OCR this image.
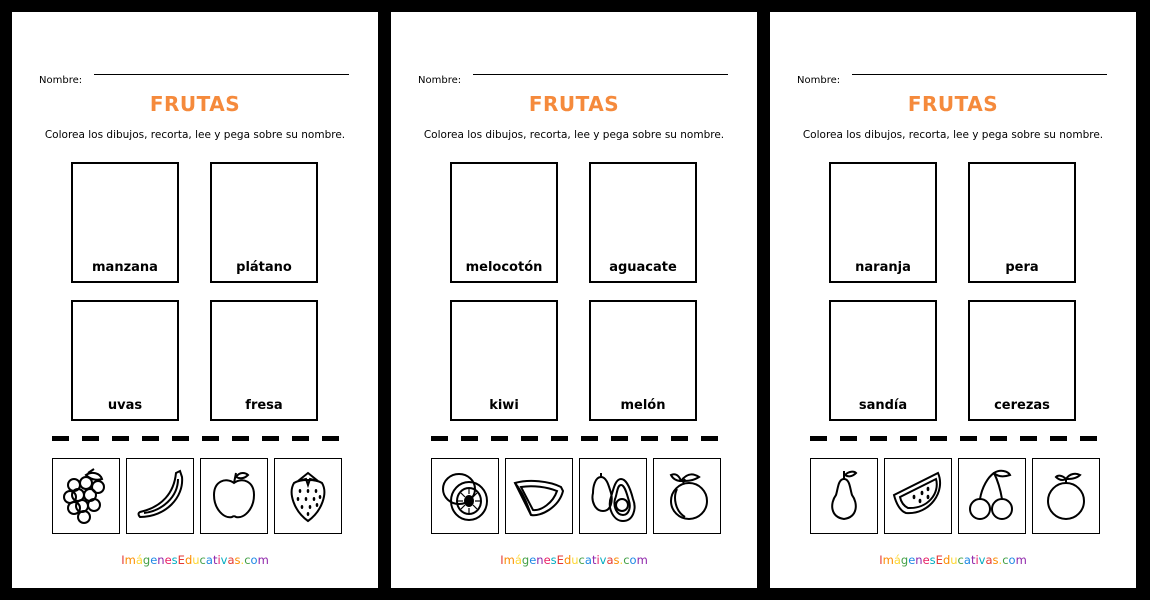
Nombre:
FRUTAS
Colorea los dibujos, recorta, lee y pega sobre su nombre.
manzana	plátano
uvas	fresa
ImágenesEducativas.com
Nombre:
FRUTAS
Colorea los dibujos, recorta, lee y pega sobre su nombre.
melocotón	aguacate
kiwi	melón
ImágenesEducativas.com
Nombre:
FRUTAS
Colorea los dibujos, recorta, lee y pega sobre su nombre.
naranja	pera
sandía	cerezas
ImágenesEducativas.com
